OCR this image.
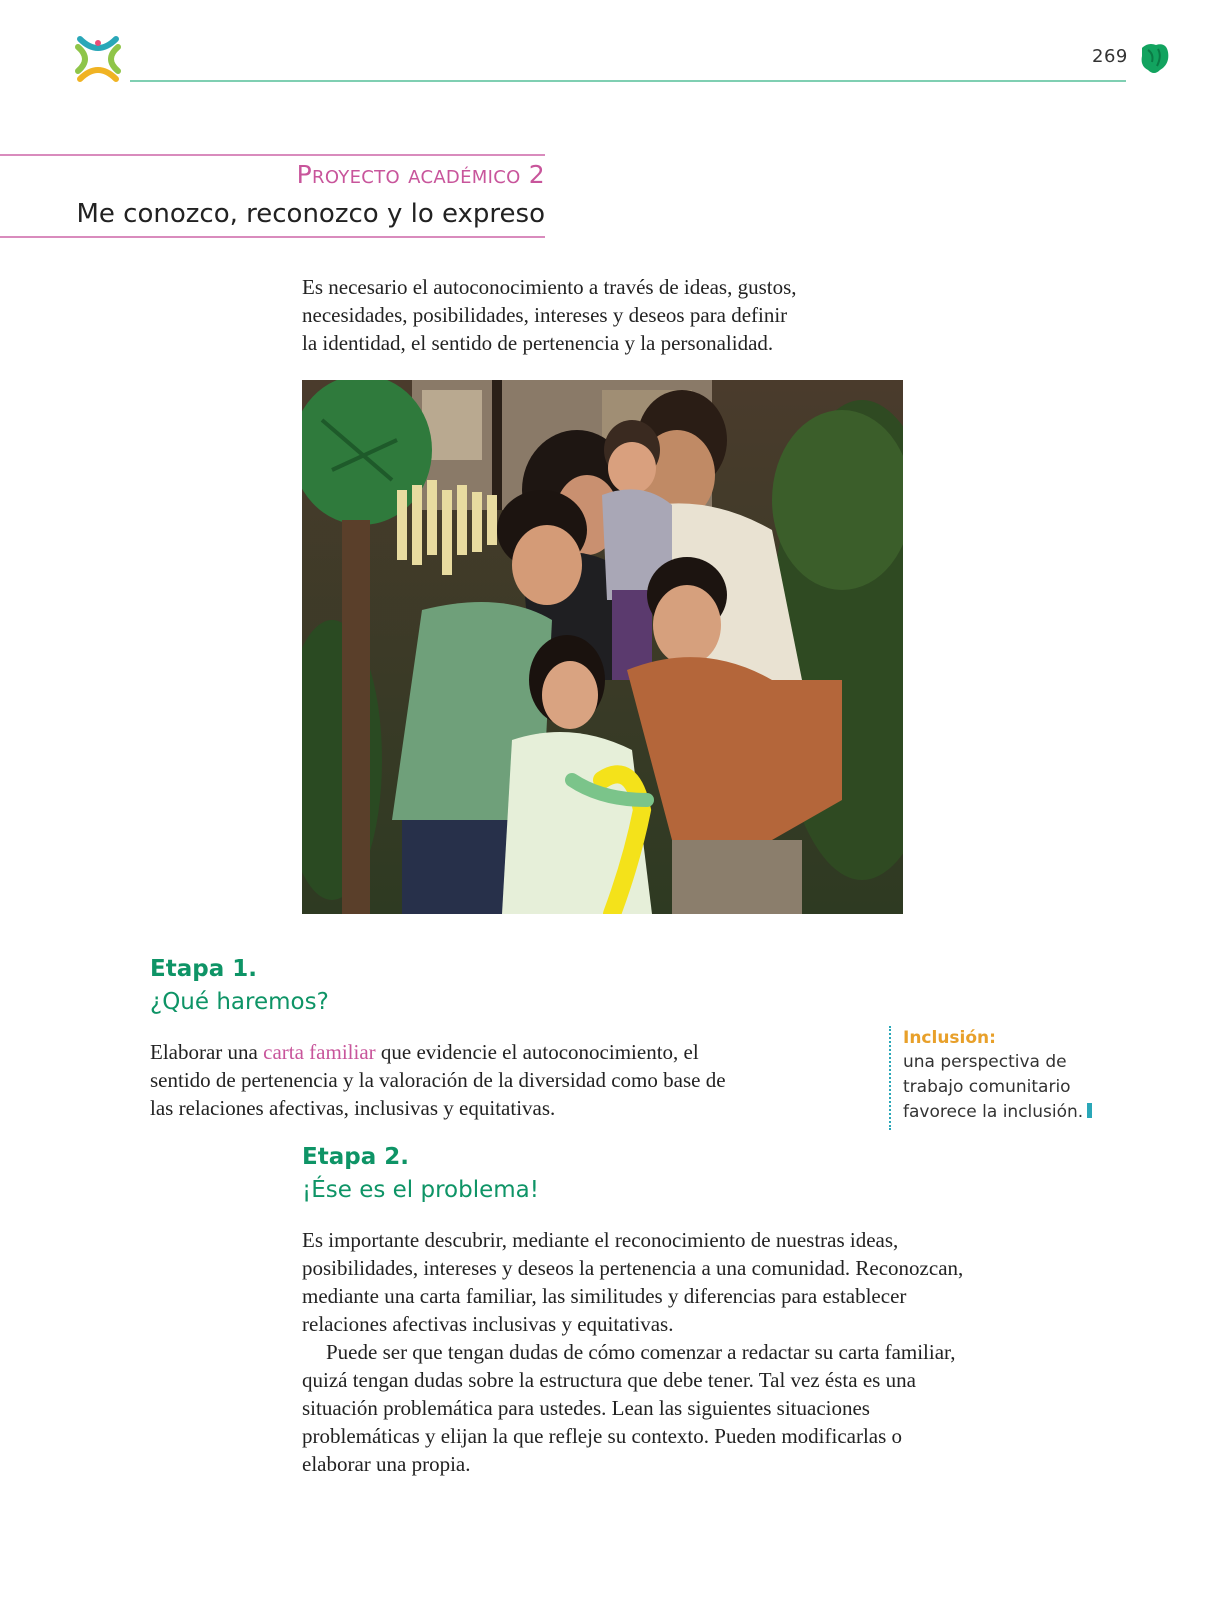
269
Proyecto académico 2
Me conozco, reconozco y lo expreso
Es necesario el autoconocimiento a través de ideas, gustos,
necesidades, posibilidades, intereses y deseos para definir
la identidad, el sentido de pertenencia y la personalidad.
Etapa 1.
¿Qué haremos?
Elaborar una carta familiar que evidencie el autoconocimiento, el sentido de pertenencia y la valoración de la diversidad como base de las relaciones afectivas, inclusivas y equitativas.
Inclusión:
una perspectiva de trabajo comunitario favorece la inclusión.
Etapa 2.
¡Ése es el problema!
Es importante descubrir, mediante el reconocimiento de nuestras ideas, posibilidades, intereses y deseos la pertenencia a una comunidad. Reconozcan, mediante una carta familiar, las similitudes y diferencias para establecer relaciones afectivas inclusivas y equitativas.
Puede ser que tengan dudas de cómo comenzar a redactar su carta familiar, quizá tengan dudas sobre la estructura que debe tener. Tal vez ésta es una situación problemática para ustedes. Lean las siguientes situaciones problemáticas y elijan la que refleje su contexto. Pueden modificarlas o elaborar una propia.
